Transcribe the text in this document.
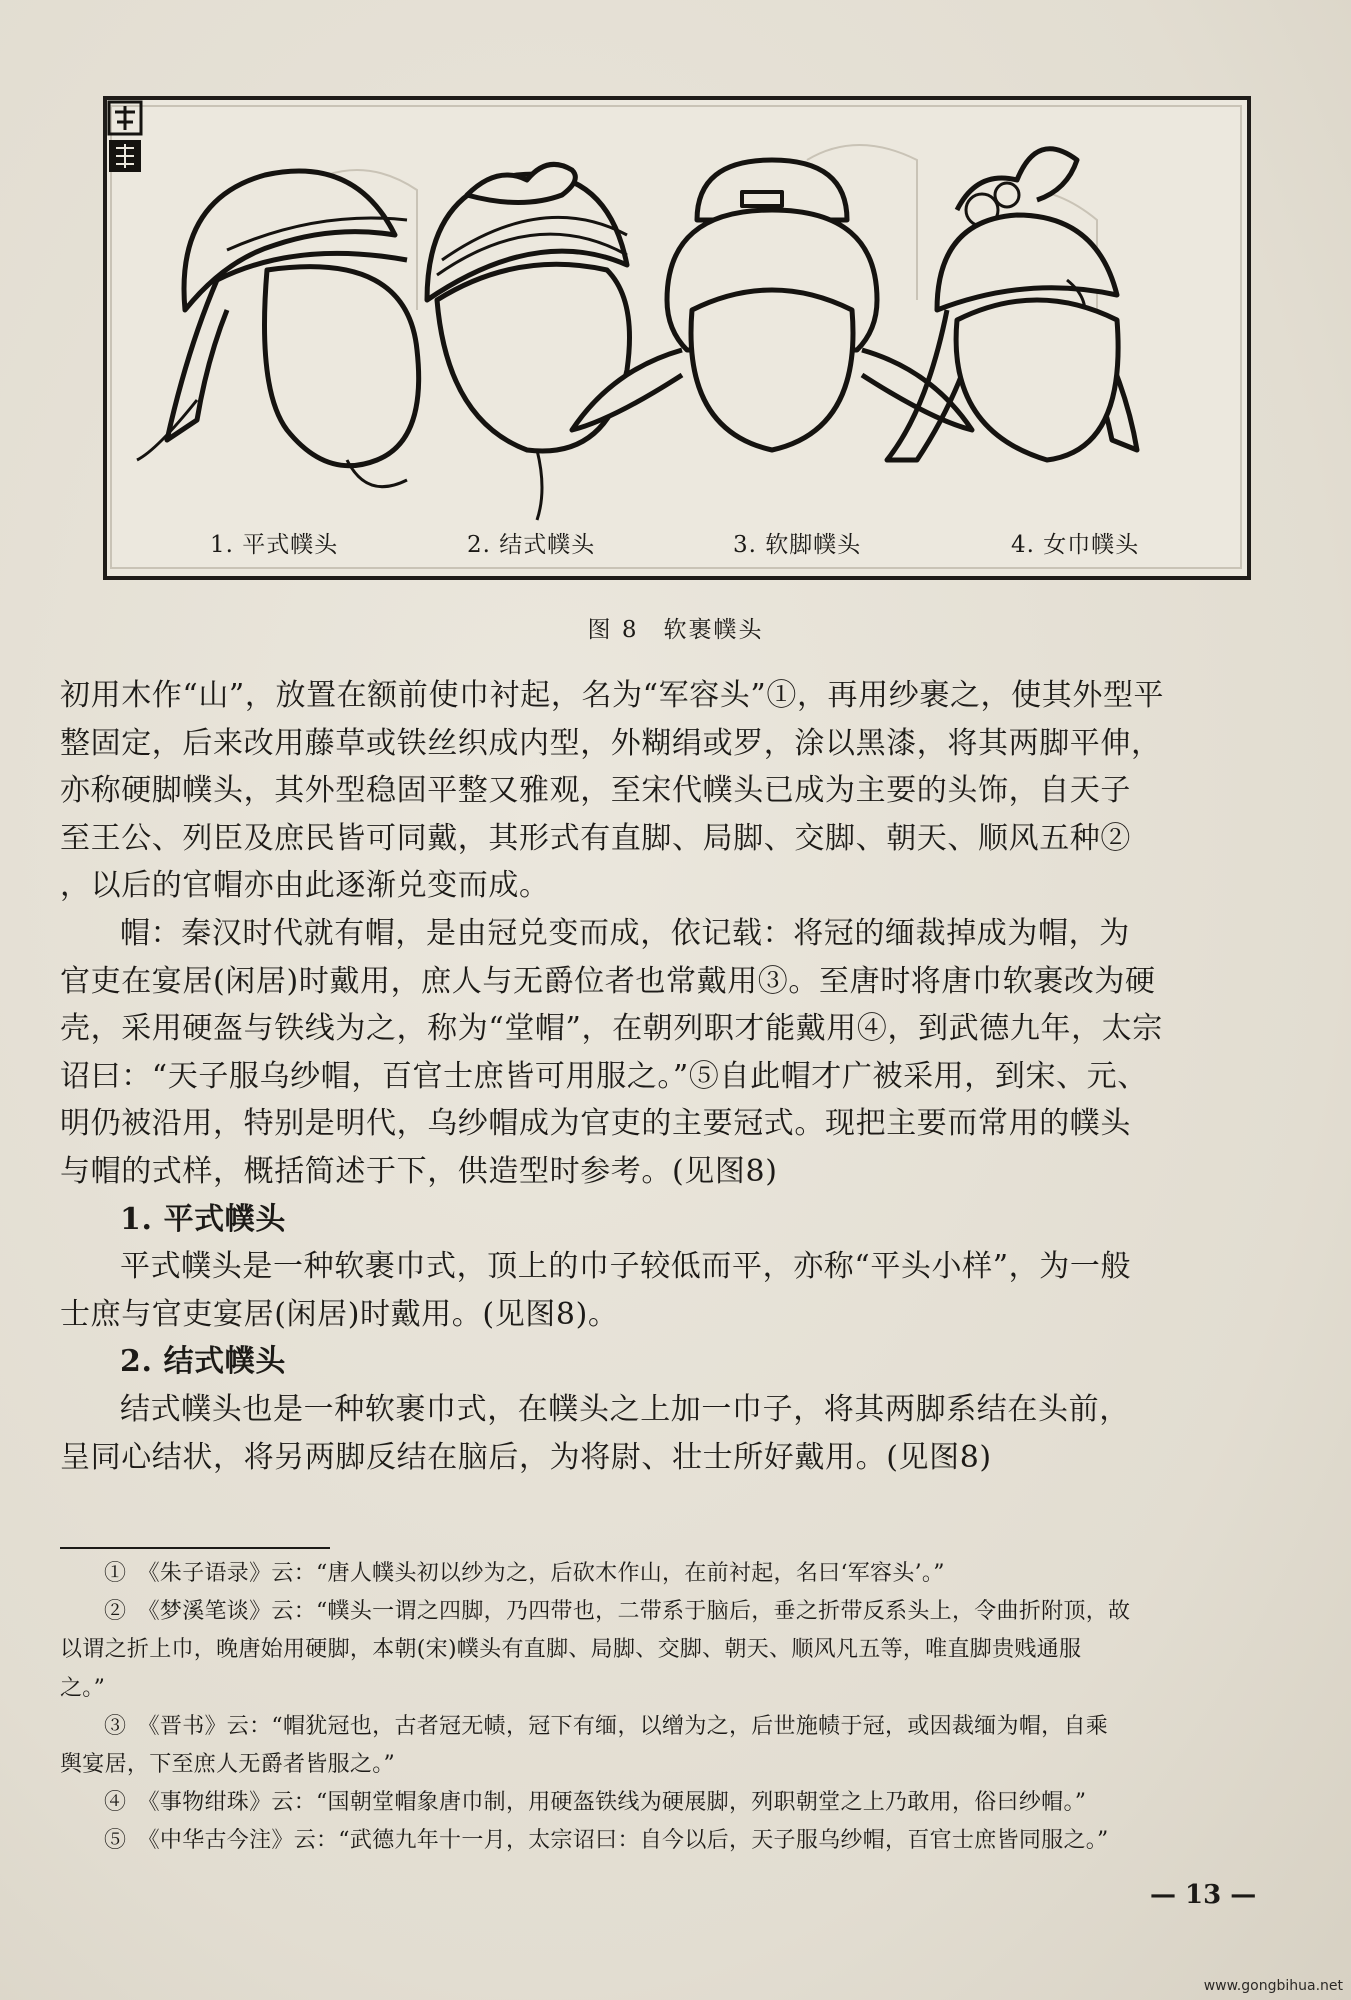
1. 平式幞头	2. 结式幞头	3. 软脚幞头	4. 女巾幞头
图 8　软裹幞头
初用木作“山”，放置在额前使巾衬起，名为“军容头”①，再用纱裹之，使其外型平
整固定，后来改用藤草或铁丝织成内型，外糊绢或罗，涂以黑漆，将其两脚平伸，
亦称硬脚幞头，其外型稳固平整又雅观，至宋代幞头已成为主要的头饰，自天子
至王公、列臣及庶民皆可同戴，其形式有直脚、局脚、交脚、朝天、顺风五种②
，以后的官帽亦由此逐渐兑变而成。
帽：秦汉时代就有帽，是由冠兑变而成，依记载：将冠的缅裁掉成为帽，为
官吏在宴居(闲居)时戴用，庶人与无爵位者也常戴用③。至唐时将唐巾软裹改为硬
壳，采用硬盔与铁线为之，称为“堂帽”，在朝列职才能戴用④，到武德九年，太宗
诏曰：“天子服乌纱帽，百官士庶皆可用服之。”⑤自此帽才广被采用，到宋、元、
明仍被沿用，特别是明代，乌纱帽成为官吏的主要冠式。现把主要而常用的幞头
与帽的式样，概括简述于下，供造型时参考。(见图8)
1. 平式幞头
平式幞头是一种软裹巾式，顶上的巾子较低而平，亦称“平头小样”，为一般
士庶与官吏宴居(闲居)时戴用。(见图8)。
2. 结式幞头
结式幞头也是一种软裹巾式，在幞头之上加一巾子，将其两脚系结在头前，
呈同心结状，将另两脚反结在脑后，为将尉、壮士所好戴用。(见图8)
①　《朱子语录》云：“唐人幞头初以纱为之，后砍木作山，在前衬起，名曰‘军容头’。”
②　《梦溪笔谈》云：“幞头一谓之四脚，乃四带也，二带系于脑后，垂之折带反系头上，令曲折附顶，故
以谓之折上巾，晚唐始用硬脚，本朝(宋)幞头有直脚、局脚、交脚、朝天、顺风凡五等，唯直脚贵贱通服
之。”
③　《晋书》云：“帽犹冠也，古者冠无帻，冠下有缅，以缯为之，后世施帻于冠，或因裁缅为帽，自乘
舆宴居，下至庶人无爵者皆服之。”
④　《事物绀珠》云：“国朝堂帽象唐巾制，用硬盔铁线为硬展脚，列职朝堂之上乃敢用，俗曰纱帽。”
⑤　《中华古今注》云：“武德九年十一月，太宗诏曰：自今以后，天子服乌纱帽，百官士庶皆同服之。”
— 13 —
www.gongbihua.net
